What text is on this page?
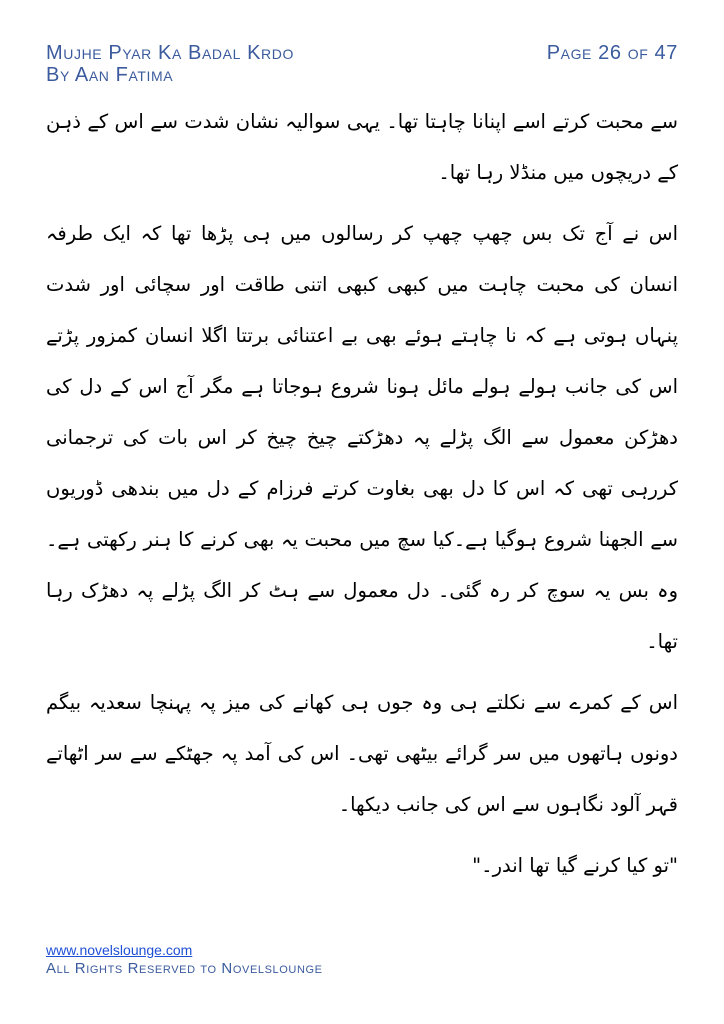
Mujhe Pyar Ka Badal Krdo
By Aan Fatima
Page 26 of 47

سے محبت کرتے اسے اپنانا چاہتا تھا۔ یہی سوالیہ نشان شدت سے اس کے ذہن کے دریچوں میں منڈلا رہا تھا۔

اس نے آج تک بس چھپ چھپ کر رسالوں میں ہی پڑھا تھا کہ ایک طرفہ انسان کی محبت چاہت میں کبھی کبھی اتنی طاقت اور سچائی اور شدت پنہاں ہوتی ہے کہ نا چاہتے ہوئے بھی بے اعتنائی برتتا اگلا انسان کمزور پڑتے اس کی جانب ہولے ہولے مائل ہونا شروع ہوجاتا ہے مگر آج اس کے دل کی دھڑکن معمول سے الگ پڑلے پہ دھڑکتے چیخ چیخ کر اس بات کی ترجمانی کررہی تھی کہ اس کا دل بھی بغاوت کرتے فرزام کے دل میں بندھی ڈوریوں سے الجھنا شروع ہوگیا ہے۔کیا سچ میں محبت یہ بھی کرنے کا ہنر رکھتی ہے۔وہ بس یہ سوچ کر رہ گئی۔ دل معمول سے ہٹ کر الگ پڑلے پہ دھڑک رہا تھا۔

اس کے کمرے سے نکلتے ہی وہ جوں ہی کھانے کی میز پہ پہنچا سعدیہ بیگم دونوں ہاتھوں میں سر گرائے بیٹھی تھی۔ اس کی آمد پہ جھٹکے سے سر اٹھاتے قہر آلود نگاہوں سے اس کی جانب دیکھا۔

"تو کیا کرنے گیا تھا اندر۔"

www.novelslounge.com
All Rights Reserved to Novelslounge
